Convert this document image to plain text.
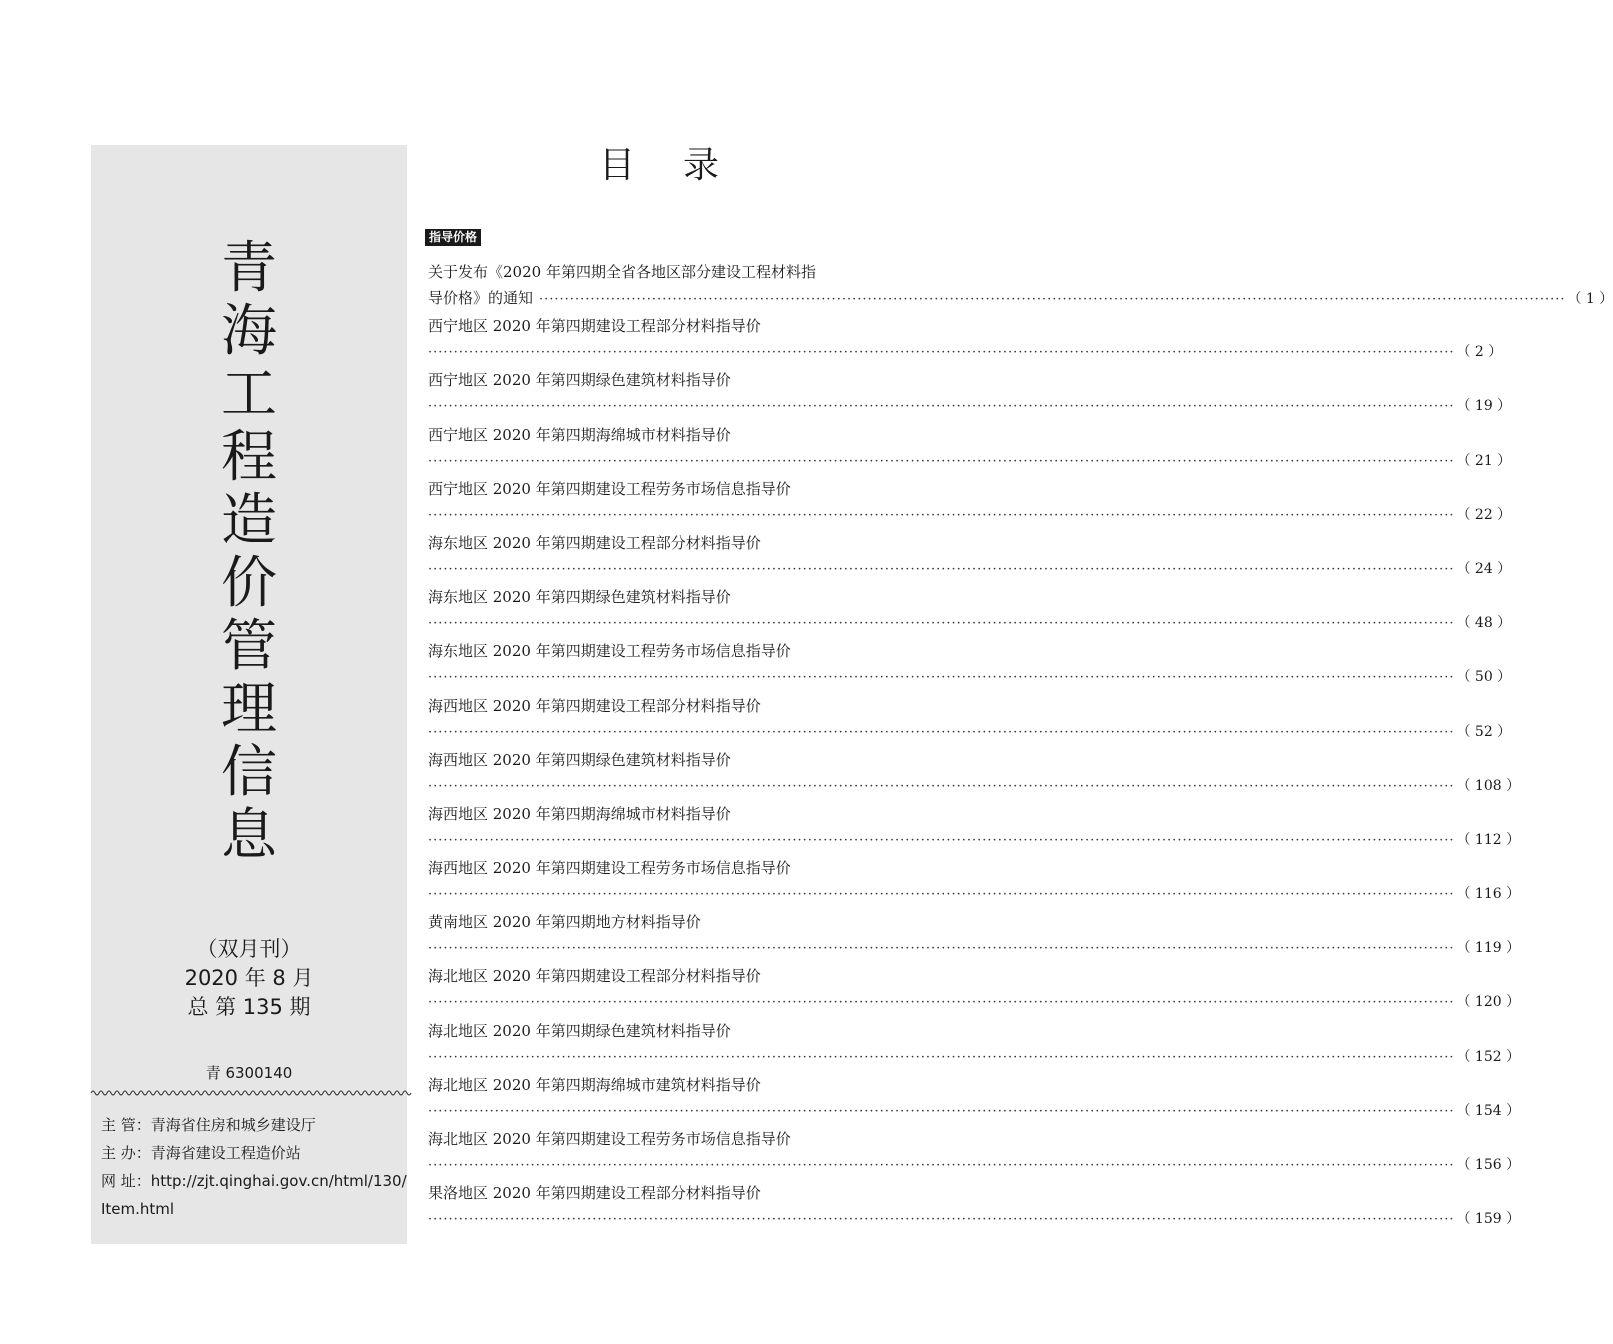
青
海
工
程
造
价
管
理
信
息
（双月刊）
2020 年 8 月
总 第 135 期
青 6300140
主 管：青海省住房和城乡建设厅
主 办：青海省建设工程造价站
网 址：http://zjt.qinghai.gov.cn/html/130/Item.html
目录
指导价格
关于发布《2020 年第四期全省各地区部分建设工程材料指
导价格》的通知 ········································································································································································································ （ 1 ）
西宁地区 2020 年第四期建设工程部分材料指导价
········································································································································································································ （ 2 ）
西宁地区 2020 年第四期绿色建筑材料指导价
········································································································································································································ （ 19 ）
西宁地区 2020 年第四期海绵城市材料指导价
········································································································································································································ （ 21 ）
西宁地区 2020 年第四期建设工程劳务市场信息指导价
········································································································································································································ （ 22 ）
海东地区 2020 年第四期建设工程部分材料指导价
········································································································································································································ （ 24 ）
海东地区 2020 年第四期绿色建筑材料指导价
········································································································································································································ （ 48 ）
海东地区 2020 年第四期建设工程劳务市场信息指导价
········································································································································································································ （ 50 ）
海西地区 2020 年第四期建设工程部分材料指导价
········································································································································································································ （ 52 ）
海西地区 2020 年第四期绿色建筑材料指导价
········································································································································································································ （ 108 ）
海西地区 2020 年第四期海绵城市材料指导价
········································································································································································································ （ 112 ）
海西地区 2020 年第四期建设工程劳务市场信息指导价
········································································································································································································ （ 116 ）
黄南地区 2020 年第四期地方材料指导价
········································································································································································································ （ 119 ）
海北地区 2020 年第四期建设工程部分材料指导价
········································································································································································································ （ 120 ）
海北地区 2020 年第四期绿色建筑材料指导价
········································································································································································································ （ 152 ）
海北地区 2020 年第四期海绵城市建筑材料指导价
········································································································································································································ （ 154 ）
海北地区 2020 年第四期建设工程劳务市场信息指导价
········································································································································································································ （ 156 ）
果洛地区 2020 年第四期建设工程部分材料指导价
········································································································································································································ （ 159 ）
